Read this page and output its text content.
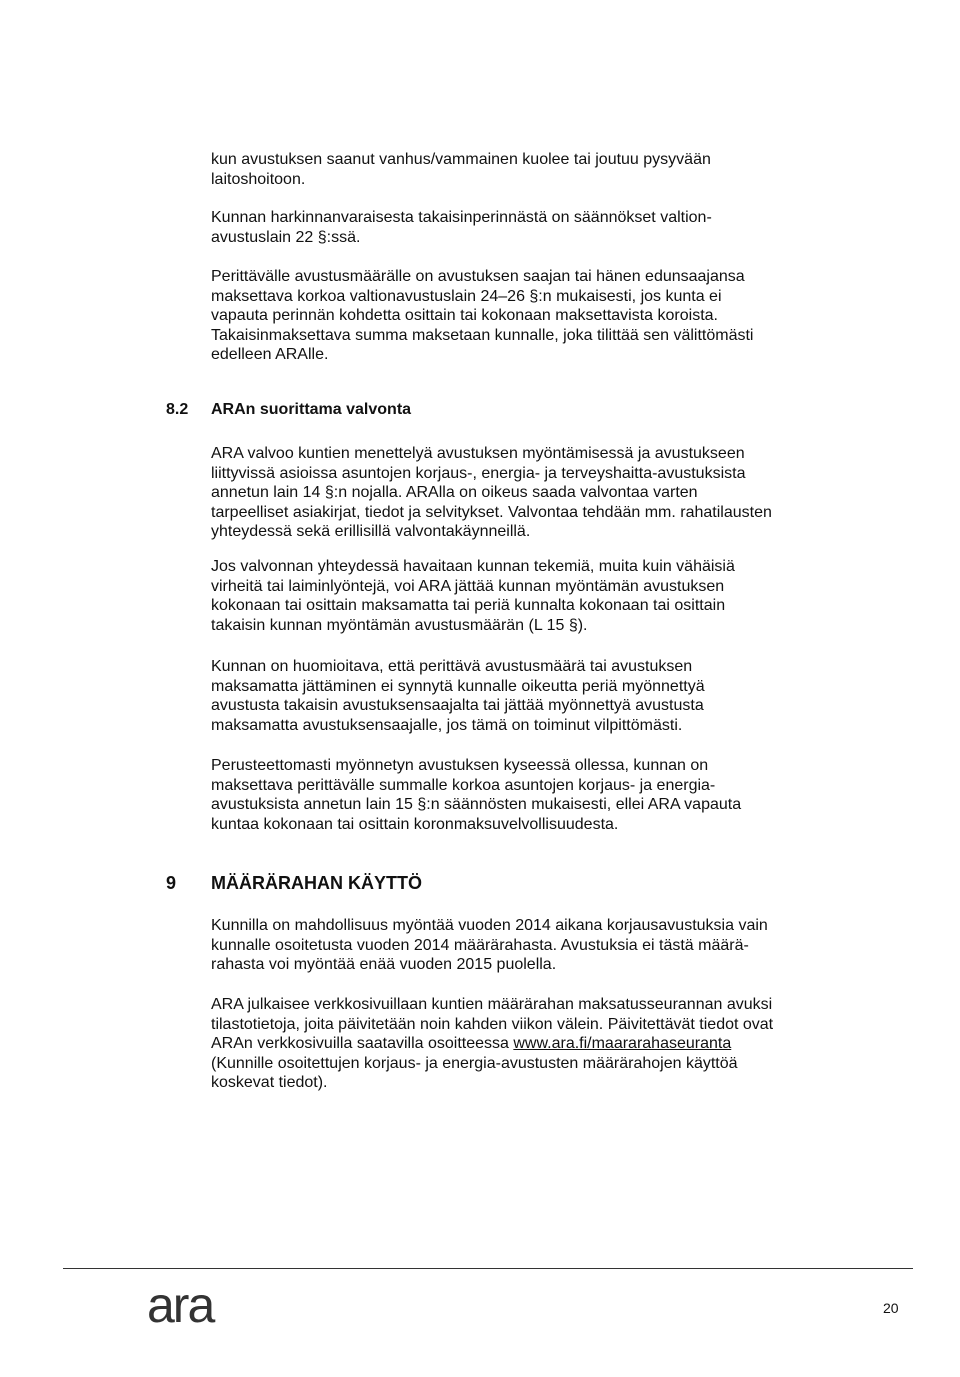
kun avustuksen saanut vanhus/vammainen kuolee tai joutuu pysyvään
laitoshoitoon.

Kunnan harkinnanvaraisesta takaisinperinnästä on säännökset valtion-
avustuslain 22 §:ssä.

Perittävälle avustusmäärälle on avustuksen saajan tai hänen edunsaajansa
maksettava korkoa valtionavustuslain 24–26 §:n mukaisesti, jos kunta ei
vapauta perinnän kohdetta osittain tai kokonaan maksettavista koroista.
Takaisinmaksettava summa maksetaan kunnalle, joka tilittää sen välittömästi
edelleen ARAlle.

8.2 ARAn suorittama valvonta

ARA valvoo kuntien menettelyä avustuksen myöntämisessä ja avustukseen
liittyvissä asioissa asuntojen korjaus-, energia- ja terveyshaitta-avustuksista
annetun lain 14 §:n nojalla. ARAlla on oikeus saada valvontaa varten
tarpeelliset asiakirjat, tiedot ja selvitykset. Valvontaa tehdään mm. rahatilausten
yhteydessä sekä erillisillä valvontakäynneillä.

Jos valvonnan yhteydessä havaitaan kunnan tekemiä, muita kuin vähäisiä
virheitä tai laiminlyöntejä, voi ARA jättää kunnan myöntämän avustuksen
kokonaan tai osittain maksamatta tai periä kunnalta kokonaan tai osittain
takaisin kunnan myöntämän avustusmäärän (L 15 §).

Kunnan on huomioitava, että perittävä avustusmäärä tai avustuksen
maksamatta jättäminen ei synnytä kunnalle oikeutta periä myönnettyä
avustusta takaisin avustuksensaajalta tai jättää myönnettyä avustusta
maksamatta avustuksensaajalle, jos tämä on toiminut vilpittömästi.

Perusteettomasti myönnetyn avustuksen kyseessä ollessa, kunnan on
maksettava perittävälle summalle korkoa asuntojen korjaus- ja energia-
avustuksista annetun lain 15 §:n säännösten mukaisesti, ellei ARA vapauta
kuntaa kokonaan tai osittain koronmaksuvelvollisuudesta.

9 MÄÄRÄRAHAN KÄYTTÖ

Kunnilla on mahdollisuus myöntää vuoden 2014 aikana korjausavustuksia vain
kunnalle osoitetusta vuoden 2014 määrärahasta. Avustuksia ei tästä määrä-
rahasta voi myöntää enää vuoden 2015 puolella.

ARA julkaisee verkkosivuillaan kuntien määrärahan maksatusseurannan avuksi
tilastotietoja, joita päivitetään noin kahden viikon välein. Päivitettävät tiedot ovat
ARAn verkkosivuilla saatavilla osoitteessa www.ara.fi/maararahaseuranta
(Kunnille osoitettujen korjaus- ja energia-avustusten määrärahojen käyttöä
koskevat tiedot).

ara	20
